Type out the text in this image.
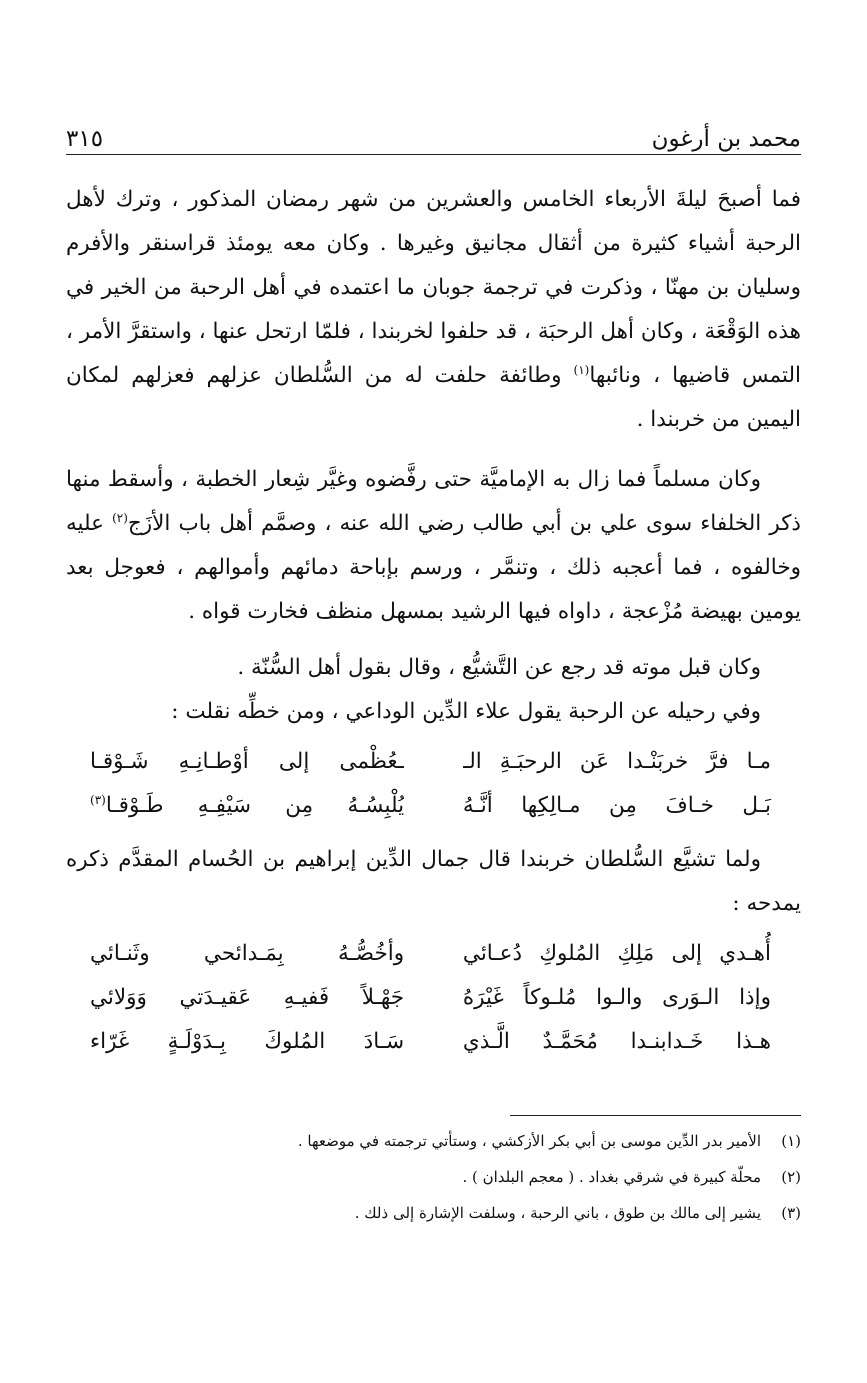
محمد بن أرغون
٣١٥

فما أصبحَ ليلةَ الأربعاء الخامس والعشرين من شهر رمضان المذكور ، وترك لأهل الرحبة أشياء كثيرة من أثقال مجانيق وغيرها . وكان معه يومئذ قراسنقر والأفرم وسليان بن مهنّا ، وذكرت في ترجمة جوبان ما اعتمده في أهل الرحبة من الخير في هذه الوَقْعَة ، وكان أهل الرحبَة ، قد حلفوا لخربندا ، فلمّا ارتحل عنها ، واستقرَّ الأمر ، التمس قاضيها ، ونائبها$^{(١)}$ وطائفة حلفت له من السُّلطان عزلهم فعزلهم لمكان اليمين من خربندا .

وكان مسلماً فما زال به الإماميَّة حتى رفَّضوه وغيَّر شِعار الخطبة ، وأسقط منها ذكر الخلفاء سوى علي بن أبي طالب رضي الله عنه ، وصمَّم أهل باب الأزَج$^{(٢)}$ عليه وخالفوه ، فما أعجبه ذلك ، وتنمَّر ، ورسم بإباحة دمائهم وأموالهم ، فعوجل بعد يومين بهيضة مُزْعجة ، داواه فيها الرشيد بمسهل منظف فخارت قواه .

وكان قبل موته قد رجع عن التَّشيُّع ، وقال بقول أهل السُّنّة .

وفي رحيله عن الرحبة يقول علاء الدِّين الوداعي ، ومن خطِّه نقلت :

مـا فرَّ خربَنْـدا عَن الرحبَـةِ الـ
ـعُظْمى إلى أوْطـانِـهِ شَـوْقـا
بَـل خـافَ مِن مـالِكِها أنَّـهُ
يُلْبِسُـهُ مِن سَيْفِـهِ طَـوْقـا$^{(٣)}$

ولما تشيَّع السُّلطان خربندا قال جمال الدِّين إبراهيم بن الحُسام المقدَّم ذكره يمدحه :

أُهـدي إلى مَلِكِ المُلوكِ دُعـائي
وأخُصُّـهُ بِمَـدائحي وثَنـائي
وإذا الـوَرى والـوا مُلـوكاً غَيْرَهُ
جَهْـلاً فَفيـهِ عَقيـدَتي وَوَلائي
هـذا خَـدابنـدا مُحَمَّـدٌ الَّـذي
سَـادَ المُلوكَ بِـدَوْلَـةٍ غَرّاء
(١)
الأمير بدر الدِّين موسى بن أبي بكر الأزكشي ، وستأتي ترجمته في موضعها .
(٢)
محلّة كبيرة في شرقي بغداد . ( معجم البلدان ) .
(٣)
يشير إلى مالك بن طوق ، باني الرحبة ، وسلفت الإشارة إلى ذلك .
